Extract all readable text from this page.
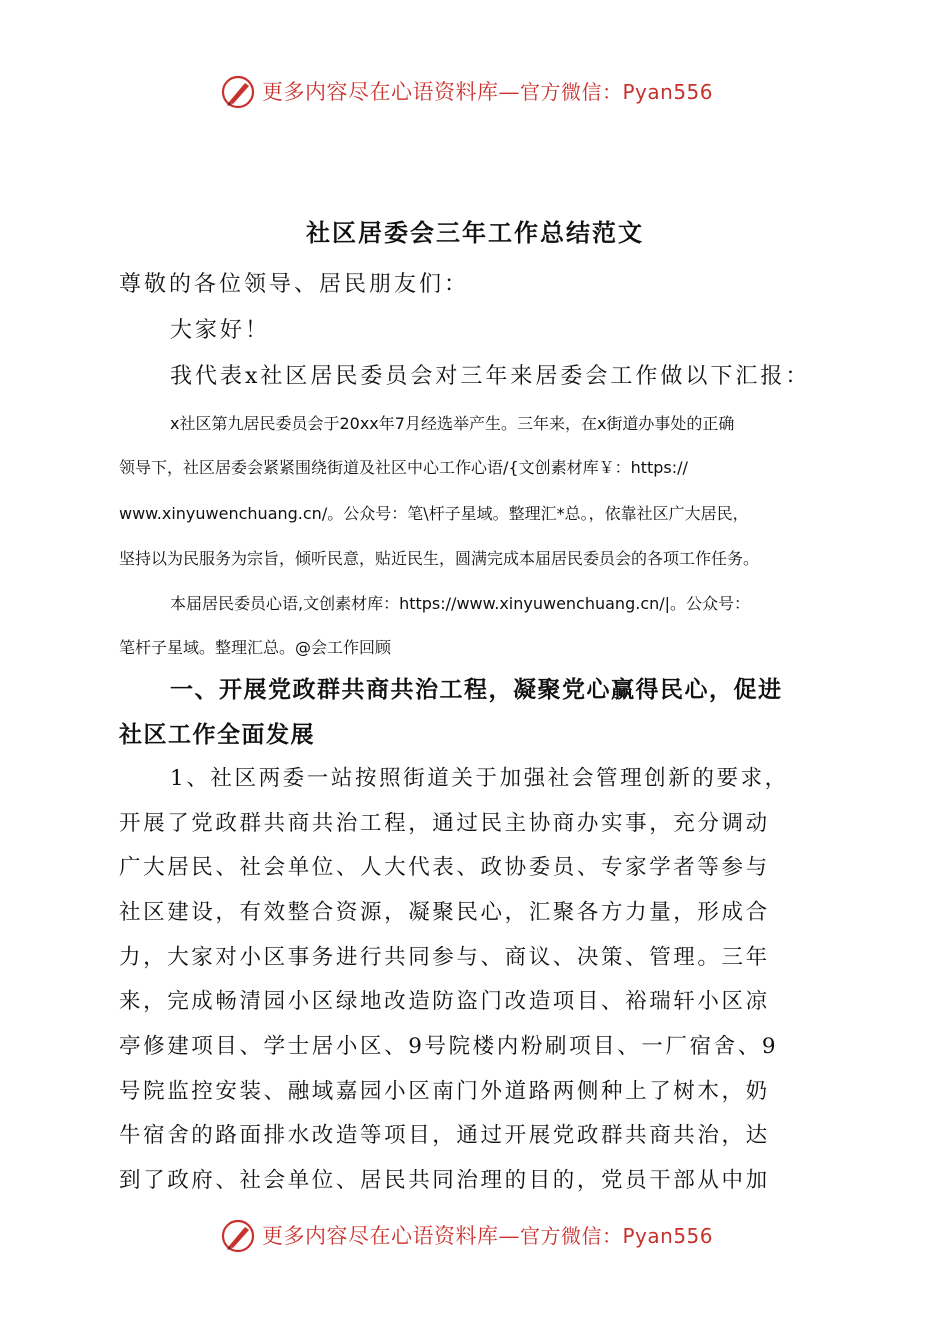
更多内容尽在心语资料库—官方微信：Pyan556
社区居委会三年工作总结范文
尊敬的各位领导、居民朋友们：
大家好！
我代表x社区居民委员会对三年来居委会工作做以下汇报：
x社区第九居民委员会于20xx年7月经选举产生。三年来，在x街道办事处的正确
领导下，社区居委会紧紧围绕街道及社区中心工作心语/{文创素材库￥：https://
www.xinyuwenchuang.cn/。公众号：笔\杆子星域。整理汇*总。，依靠社区广大居民，
坚持以为民服务为宗旨，倾听民意，贴近民生，圆满完成本届居民委员会的各项工作任务。
本届居民委员心语,文创素材库：https://www.xinyuwenchuang.cn/|。公众号：
笔杆子星域。整理汇总。@会工作回顾
一、开展党政群共商共治工程，凝聚党心赢得民心，促进
社区工作全面发展
1、社区两委一站按照街道关于加强社会管理创新的要求，
开展了党政群共商共治工程，通过民主协商办实事，充分调动
广大居民、社会单位、人大代表、政协委员、专家学者等参与
社区建设，有效整合资源，凝聚民心，汇聚各方力量，形成合
力，大家对小区事务进行共同参与、商议、决策、管理。三年
来，完成畅清园小区绿地改造防盗门改造项目、裕瑞轩小区凉
亭修建项目、学士居小区、9号院楼内粉刷项目、一厂宿舍、9
号院监控安装、融域嘉园小区南门外道路两侧种上了树木，奶
牛宿舍的路面排水改造等项目，通过开展党政群共商共治，达
到了政府、社会单位、居民共同治理的目的，党员干部从中加
更多内容尽在心语资料库—官方微信：Pyan556
